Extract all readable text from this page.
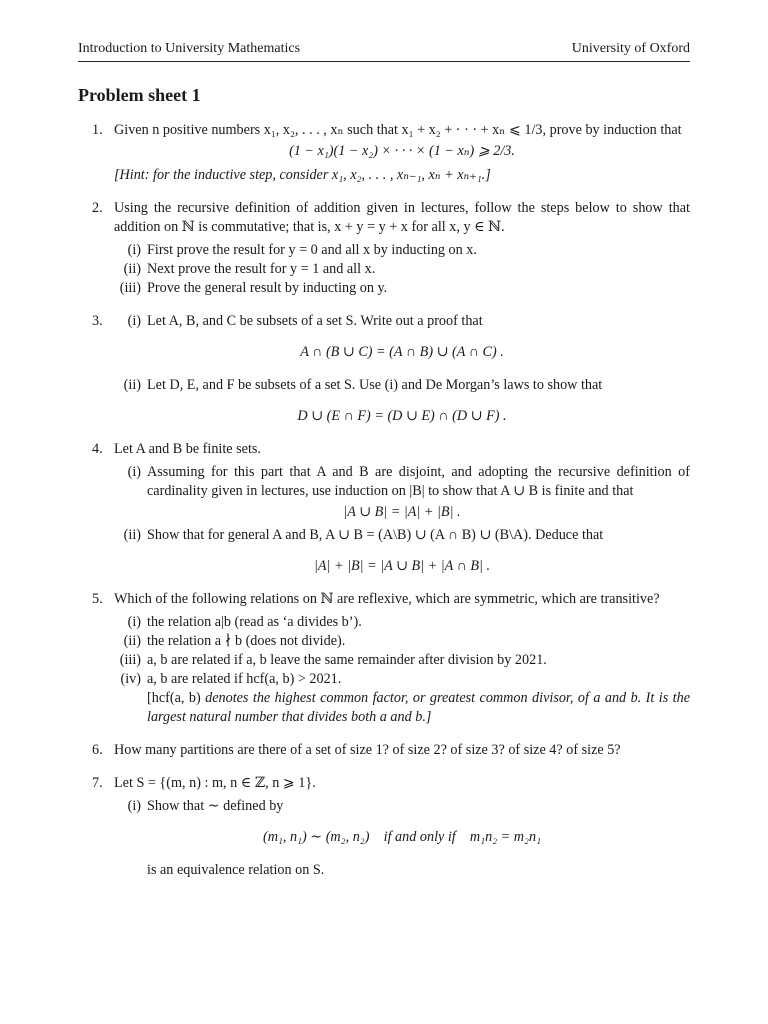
Introduction to University Mathematics	University of Oxford
Problem sheet 1
1. Given n positive numbers x₁, x₂, . . . , xₙ such that x₁ + x₂ + · · · + xₙ ⩽ 1/3, prove by induction that

(1 − x₁)(1 − x₂) × · · · × (1 − xₙ) ⩾ 2/3.

[Hint: for the inductive step, consider x₁, x₂, . . . , xₙ₋₁, xₙ + xₙ₊₁.]

2. Using the recursive definition of addition given in lectures, follow the steps below to show that addition on ℕ is commutative; that is, x + y = y + x for all x, y ∈ ℕ.

(i) First prove the result for y = 0 and all x by inducting on x.
(ii) Next prove the result for y = 1 and all x.
(iii) Prove the general result by inducting on y.
3. (i) Let A, B, and C be subsets of a set S. Write out a proof that

A ∩ (B ∪ C) = (A ∩ B) ∪ (A ∩ C) .
(ii) Let D, E, and F be subsets of a set S. Use (i) and De Morgan’s laws to show that

D ∪ (E ∩ F) = (D ∪ E) ∩ (D ∪ F) .
4. Let A and B be finite sets.

(i) Assuming for this part that A and B are disjoint, and adopting the recursive definition of cardinality given in lectures, use induction on |B| to show that A ∪ B is finite and that

|A ∪ B| = |A| + |B| .
(ii) Show that for general A and B, A ∪ B = (A\B) ∪ (A ∩ B) ∪ (B\A). Deduce that

|A| + |B| = |A ∪ B| + |A ∩ B| .
5. Which of the following relations on ℕ are reflexive, which are symmetric, which are transitive?

(i) the relation a|b (read as ‘a divides b’).
(ii) the relation a ∤ b (does not divide).
(iii) a, b are related if a, b leave the same remainder after division by 2021.
(iv) a, b are related if hcf(a, b) > 2021.

[hcf(a, b) denotes the highest common factor, or greatest common divisor, of a and b. It is the largest natural number that divides both a and b.]

6. How many partitions are there of a set of size 1? of size 2? of size 3? of size 4? of size 5?

7. Let S = {(m, n) : m, n ∈ ℤ, n ⩾ 1}.

(i) Show that ∼ defined by

(m₁, n₁) ∼ (m₂, n₂)    if and only if    m₁n₂ = m₂n₁

is an equivalence relation on S.
